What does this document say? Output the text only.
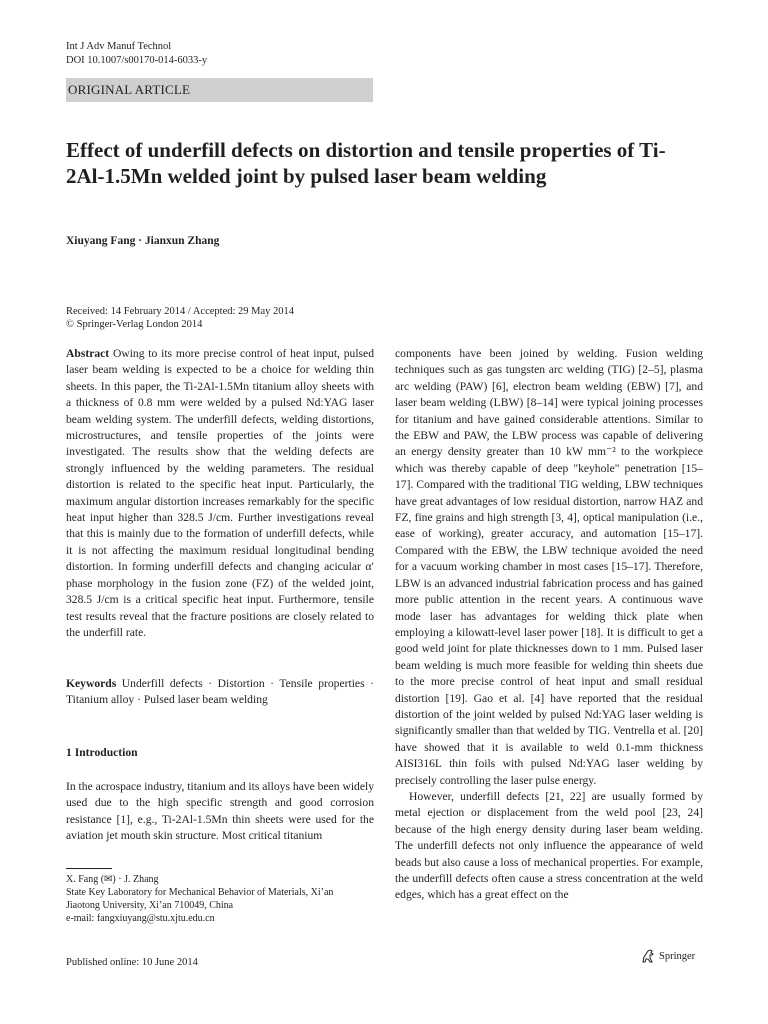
Int J Adv Manuf Technol
DOI 10.1007/s00170-014-6033-y
ORIGINAL ARTICLE
Effect of underfill defects on distortion and tensile properties of Ti-2Al-1.5Mn welded joint by pulsed laser beam welding
Xiuyang Fang · Jianxun Zhang
Received: 14 February 2014 / Accepted: 29 May 2014
© Springer-Verlag London 2014

Abstract Owing to its more precise control of heat input, pulsed laser beam welding is expected to be a choice for welding thin sheets. In this paper, the Ti-2Al-1.5Mn titanium alloy sheets with a thickness of 0.8 mm were welded by a pulsed Nd:YAG laser beam welding system. The underfill defects, welding distortions, microstructures, and tensile properties of the joints were investigated. The results show that the welding defects are strongly influenced by the welding parameters. The residual distortion is related to the specific heat input. Particularly, the maximum angular distortion increases remarkably for the specific heat input higher than 328.5 J/cm. Further investigations reveal that this is mainly due to the formation of underfill defects, while it is not affecting the maximum residual longitudinal bending distortion. In forming underfill defects and changing acicular α′ phase morphology in the fusion zone (FZ) of the welded joint, 328.5 J/cm is a critical specific heat input. Furthermore, tensile test results reveal that the fracture positions are closely related to the underfill rate.

Keywords Underfill defects · Distortion · Tensile properties · Titanium alloy · Pulsed laser beam welding

1 Introduction

In the acrospace industry, titanium and its alloys have been widely used due to the high specific strength and good corrosion resistance [1], e.g., Ti-2Al-1.5Mn thin sheets were used for the aviation jet mouth skin structure. Most critical titanium

components have been joined by welding. Fusion welding techniques such as gas tungsten arc welding (TIG) [2–5], plasma arc welding (PAW) [6], electron beam welding (EBW) [7], and laser beam welding (LBW) [8–14] were typical joining processes for titanium and have gained considerable attentions. Similar to the EBW and PAW, the LBW process was capable of delivering an energy density greater than 10 kW mm⁻² to the workpiece which was thereby capable of deep "keyhole" penetration [15–17]. Compared with the traditional TIG welding, LBW techniques have great advantages of low residual distortion, narrow HAZ and FZ, fine grains and high strength [3, 4], optical manipulation (i.e., ease of working), greater accuracy, and automation [15–17]. Compared with the EBW, the LBW technique avoided the need for a vacuum working chamber in most cases [15–17]. Therefore, LBW is an advanced industrial fabrication process and has gained more public attention in the recent years. A continuous wave mode laser has advantages for welding thick plate when employing a kilowatt-level laser power [18]. It is difficult to get a good weld joint for plate thicknesses down to 1 mm. Pulsed laser beam welding is much more feasible for welding thin sheets due to the more precise control of heat input and small residual distortion [19]. Gao et al. [4] have reported that the residual distortion of the joint welded by pulsed Nd:YAG laser welding is significantly smaller than that welded by TIG. Ventrella et al. [20] have showed that it is available to weld 0.1-mm thickness AISI316L thin foils with pulsed Nd:YAG laser welding by precisely controlling the laser pulse energy.

However, underfill defects [21, 22] are usually formed by metal ejection or displacement from the weld pool [23, 24] because of the high energy density during laser beam welding. The underfill defects not only influence the appearance of weld beads but also cause a loss of mechanical properties. For example, the underfill defects often cause a stress concentration at the weld edges, which has a great effect on the

X. Fang (✉) · J. Zhang
State Key Laboratory for Mechanical Behavior of Materials, Xi’an Jiaotong University, Xi’an 710049, China
e-mail: fangxiuyang@stu.xjtu.edu.cn
Published online: 10 June 2014
Springer
